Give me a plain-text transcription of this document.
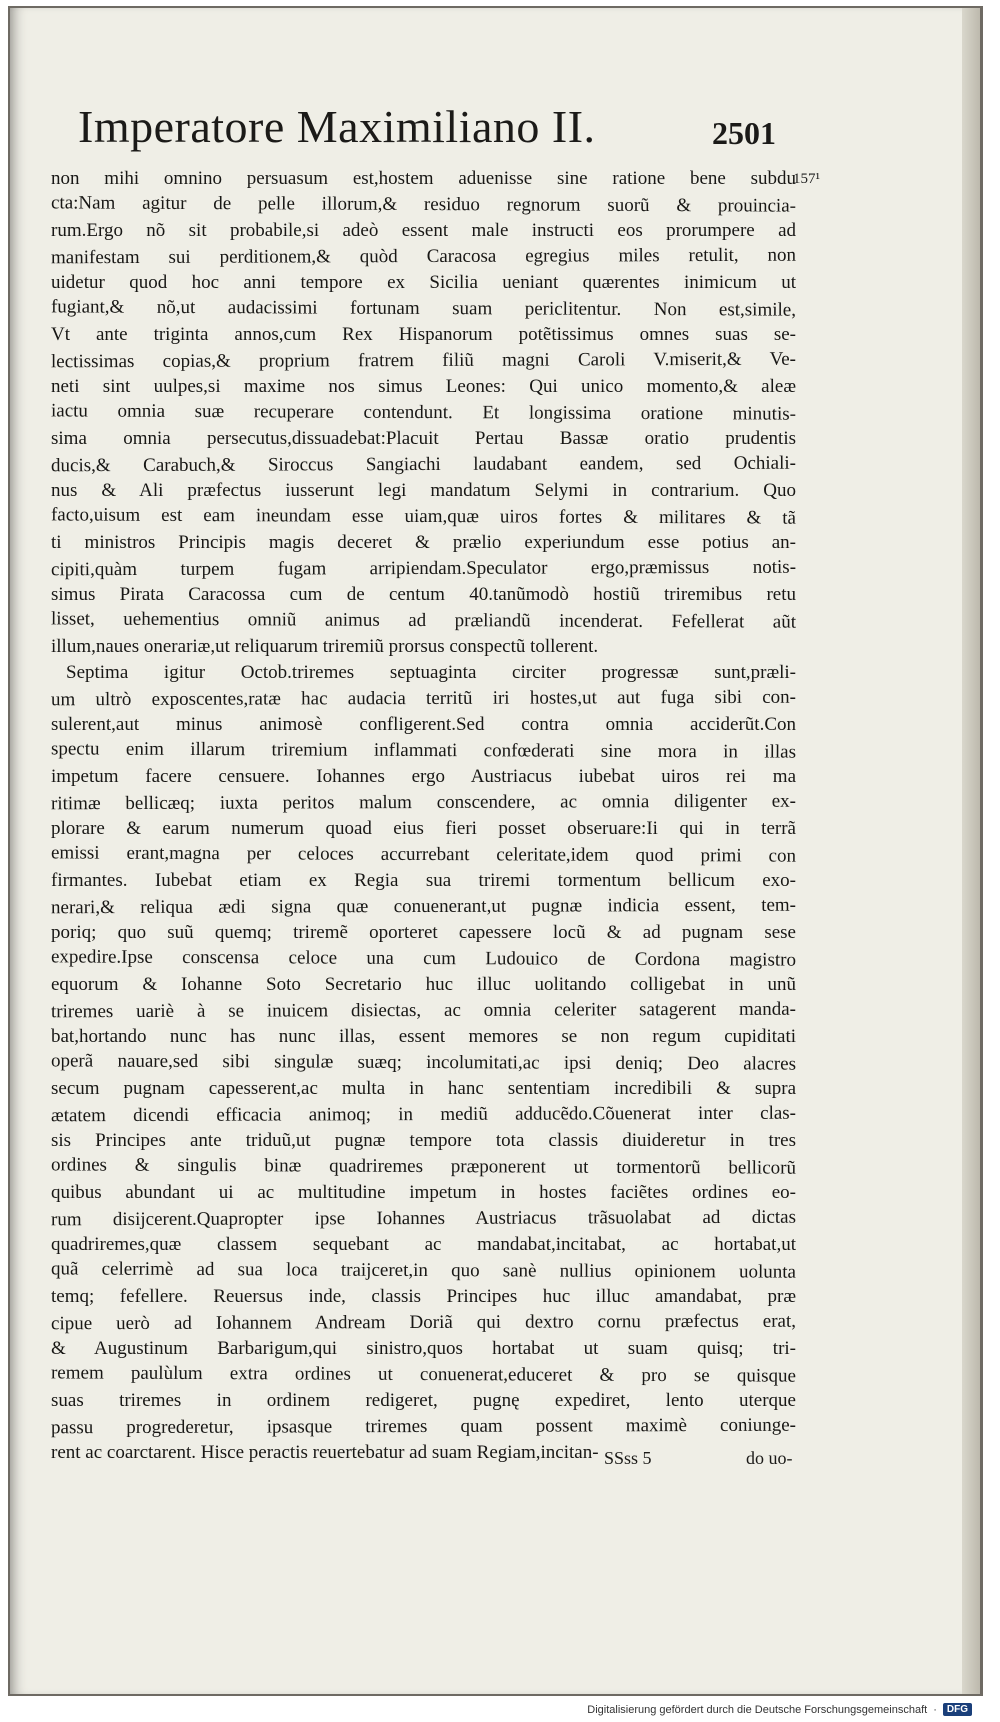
Imperatore Maximiliano II.	2501
157¹
non mihi omnino persuasum est,hostem aduenisse sine ratione bene subdu
cta:Nam agitur de pelle illorum,& residuo regnorum suorũ & prouincia-
rum.Ergo nõ sit probabile,si adeò essent male instructi eos prorumpere ad
manifestam sui perditionem,& quòd Caracosa egregius miles retulit, non
uidetur quod hoc anni tempore ex Sicilia ueniant quærentes inimicum ut
fugiant,& nõ,ut audacissimi fortunam suam periclitentur. Non est,simile,
Vt ante triginta annos,cum Rex Hispanorum potẽtissimus omnes suas se-
lectissimas copias,& proprium fratrem filiũ magni Caroli V.miserit,& Ve-
neti sint uulpes,si maxime nos simus Leones: Qui unico momento,& aleæ
iactu omnia suæ recuperare contendunt. Et longissima oratione minutis-
sima omnia persecutus,dissuadebat:Placuit Pertau Bassæ oratio prudentis
ducis,& Carabuch,& Siroccus Sangiachi laudabant eandem, sed Ochiali-
nus & Ali præfectus iusserunt legi mandatum Selymi in contrarium. Quo
facto,uisum est eam ineundam esse uiam,quæ uiros fortes & militares & tã
ti ministros Principis magis deceret & prælio experiundum esse potius an-
cipiti,quàm turpem fugam arripiendam.Speculator ergo,præmissus notis-
simus Pirata Caracossa cum de centum 40.tanũmodò hostiũ triremibus retu
lisset, uehementius omniũ animus ad præliandũ incenderat. Fefellerat aũt
illum,naues onerariæ,ut reliquarum triremiũ prorsus conspectũ tollerent.
Septima igitur Octob.triremes septuaginta circiter progressæ sunt,præli-
um ultrò exposcentes,ratæ hac audacia territũ iri hostes,ut aut fuga sibi con-
sulerent,aut minus animosè confligerent.Sed contra omnia acciderũt.Con
spectu enim illarum triremium inflammati confœderati sine mora in illas
impetum facere censuere. Iohannes ergo Austriacus iubebat uiros rei ma
ritimæ bellicæq; iuxta peritos malum conscendere, ac omnia diligenter ex-
plorare & earum numerum quoad eius fieri posset obseruare:Ii qui in terrã
emissi erant,magna per celoces accurrebant celeritate,idem quod primi con
firmantes. Iubebat etiam ex Regia sua triremi tormentum bellicum exo-
nerari,& reliqua ædi signa quæ conuenerant,ut pugnæ indicia essent, tem-
poriq; quo suũ quemq; triremẽ oporteret capessere locũ & ad pugnam sese
expedire.Ipse conscensa celoce una cum Ludouico de Cordona magistro
equorum & Iohanne Soto Secretario huc illuc uolitando colligebat in unũ
triremes uariè à se inuicem disiectas, ac omnia celeriter satagerent manda-
bat,hortando nunc has nunc illas, essent memores se non regum cupiditati
operã nauare,sed sibi singulæ suæq; incolumitati,ac ipsi deniq; Deo alacres
secum pugnam capesserent,ac multa in hanc sententiam incredibili & supra
ætatem dicendi efficacia animoq; in mediũ adducẽdo.Cõuenerat inter clas-
sis Principes ante triduũ,ut pugnæ tempore tota classis diuideretur in tres
ordines & singulis binæ quadriremes præponerent ut tormentorũ bellicorũ
quibus abundant ui ac multitudine impetum in hostes faciẽtes ordines eo-
rum disijcerent.Quapropter ipse Iohannes Austriacus trãsuolabat ad dictas
quadriremes,quæ classem sequebant ac mandabat,incitabat, ac hortabat,ut
quã celerrimè ad sua loca traijceret,in quo sanè nullius opinionem uolunta
temq; fefellere. Reuersus inde, classis Principes huc illuc amandabat, præ
cipue uerò ad Iohannem Andream Doriã qui dextro cornu præfectus erat,
& Augustinum Barbarigum,qui sinistro,quos hortabat ut suam quisq; tri-
remem paulùlum extra ordines ut conuenerat,educeret & pro se quisque
suas triremes in ordinem redigeret, pugnę expediret, lento uterque
passu progrederetur, ipsasque triremes quam possent maximè coniunge-
rent ac coarctarent. Hisce peractis reuertebatur ad suam Regiam,incitan- SSss 5	do uo-
Digitalisierung gefördert durch die Deutsche Forschungsgemeinschaft ·	DFG
